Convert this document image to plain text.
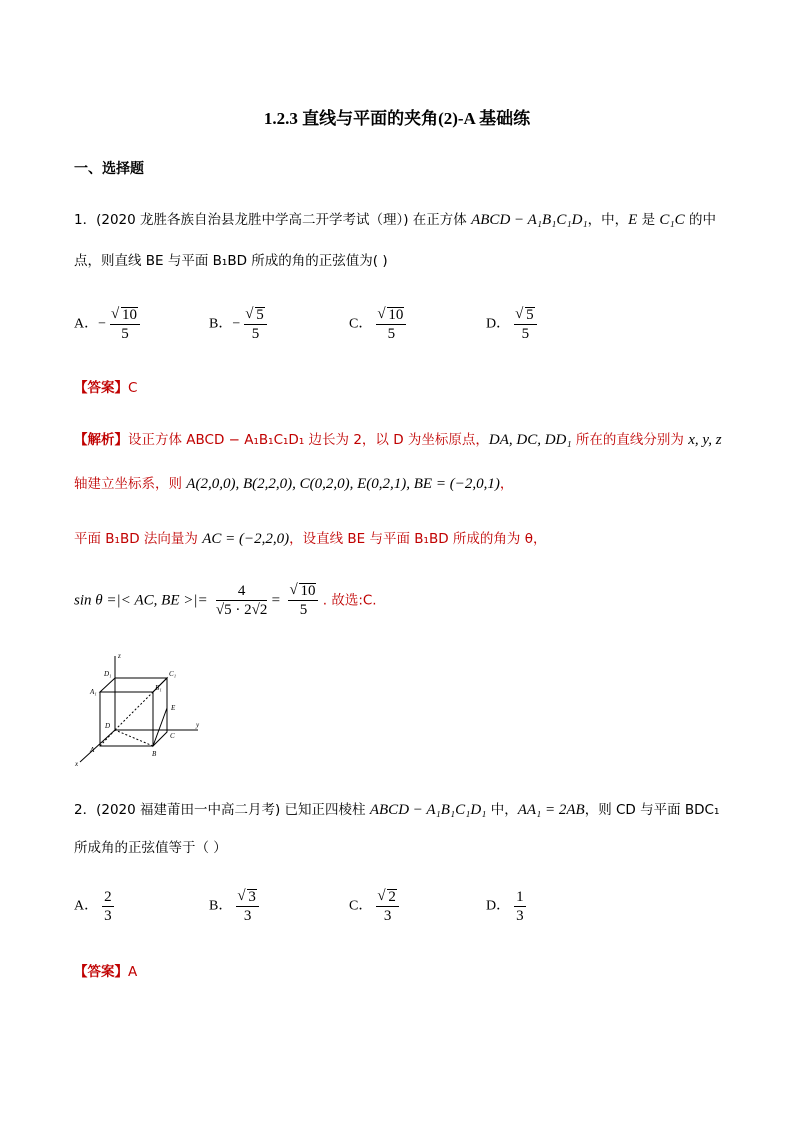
1.2.3 直线与平面的夹角(2)-A 基础练
一、选择题
1．(2020 龙胜各族自治县龙胜中学高二开学考试（理）) 在正方体 ABCD − A₁B₁C₁D₁，中，E 是 C₁C 的中
点，则直线 BE 与平面 B₁BD 所成的角的正弦值为( )
A．− √ $\frac{10}{5}$	B．− √ $\frac{5}{5}$	C． √ $\frac{10}{5}$	D． √ $\frac{5}{5}$
【答案】C
【解析】设正方体 ABCD − A₁B₁C₁D₁ 边长为 2，以 D 为坐标原点，DA, DC, DD₁ 所在的直线分别为 x, y, z
轴建立坐标系，则 A(2,0,0), B(2,2,0), C(0,2,0), E(0,2,1), BE = (−2,0,1)，
平面 B₁BD 法向量为 AC = (−2,2,0)，设直线 BE 与平面 B₁BD 所成的角为 θ，
sin θ =|< AC, BE >|= $\frac{4}{√5 \cdot 2√2}$ = √ $\frac{10}{5}$ . 故选:C.
z
D₁	C₁
A₁	B₁
E
y
D
C
A	B
x
2．(2020 福建莆田一中高二月考) 已知正四棱柱 ABCD − A₁B₁C₁D₁ 中，AA₁ = 2AB，则 CD 与平面 BDC₁
所成角的正弦值等于（ ）
A． $\frac{2}{3}$	B． √ $\frac{3}{3}$	C． √ $\frac{2}{3}$	D． $\frac{1}{3}$
【答案】A
